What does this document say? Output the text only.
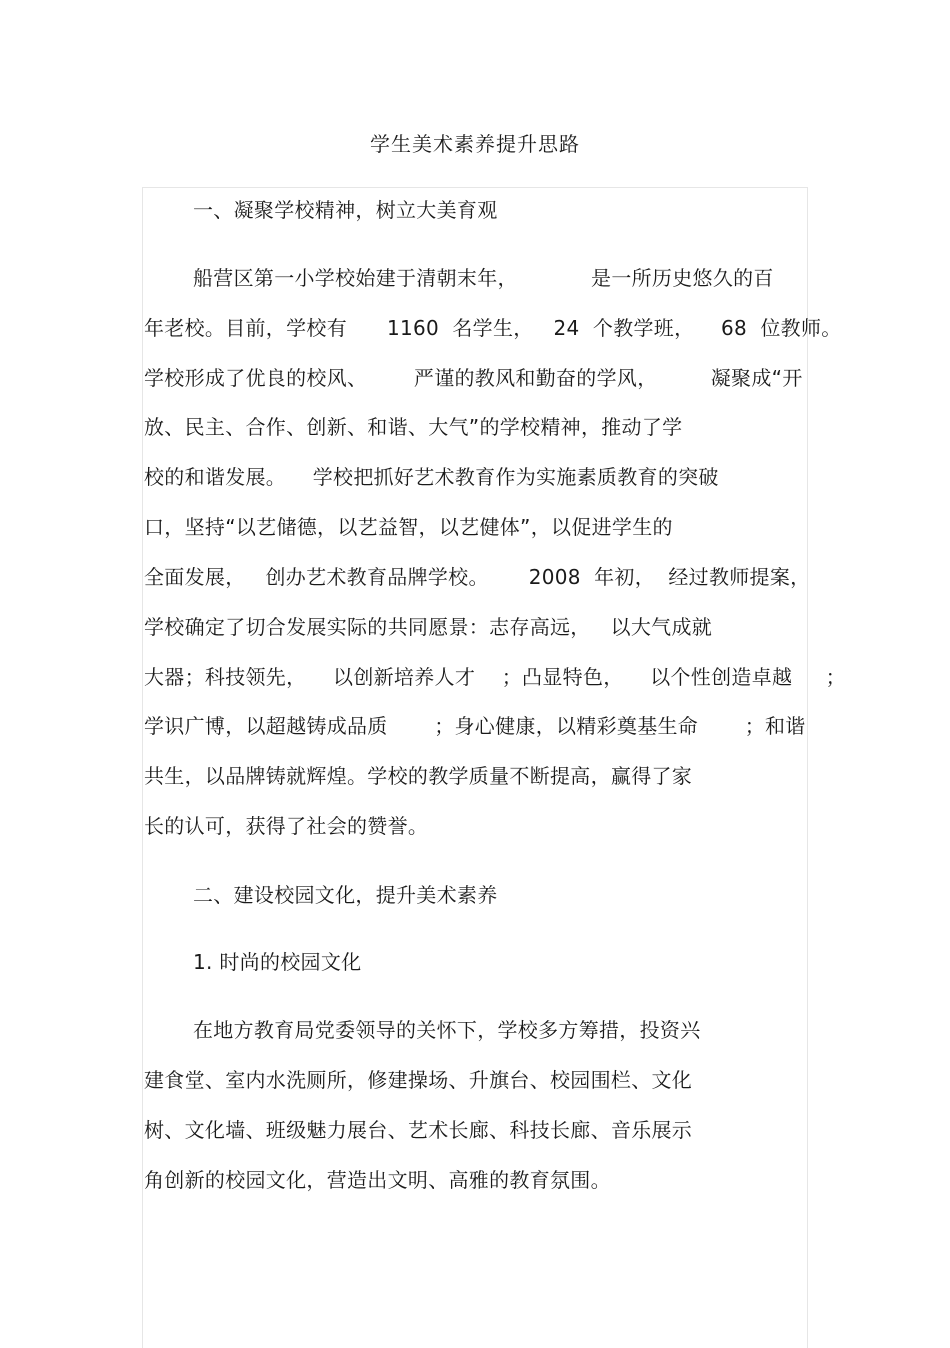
学生美术素养提升思路
一、凝聚学校精神，树立大美育观
船营区第一小学校始建于清朝末年，           是一所历史悠久的百
年老校。目前，学校有      1160  名学生，   24  个教学班，    68  位教师。
学校形成了优良的校风、       严谨的教风和勤奋的学风，        凝聚成“开
放、民主、合作、创新、和谐、大气”的学校精神，推动了学
校的和谐发展。    学校把抓好艺术教育作为实施素质教育的突破
口，坚持“以艺储德，以艺益智，以艺健体”，以促进学生的
全面发展，   创办艺术教育品牌学校。      2008  年初，  经过教师提案，
学校确定了切合发展实际的共同愿景：志存高远，   以大气成就
大器；科技领先，    以创新培养人才    ；凸显特色，    以个性创造卓越     ；
学识广博，以超越铸成品质       ；身心健康，以精彩奠基生命       ；和谐
共生，以品牌铸就辉煌。学校的教学质量不断提高，赢得了家
长的认可，获得了社会的赞誉。
二、建设校园文化，提升美术素养
1. 时尚的校园文化
在地方教育局党委领导的关怀下，学校多方筹措，投资兴
建食堂、室内水洗厕所，修建操场、升旗台、校园围栏、文化
树、文化墙、班级魅力展台、艺术长廊、科技长廊、音乐展示
角创新的校园文化，营造出文明、高雅的教育氛围。
